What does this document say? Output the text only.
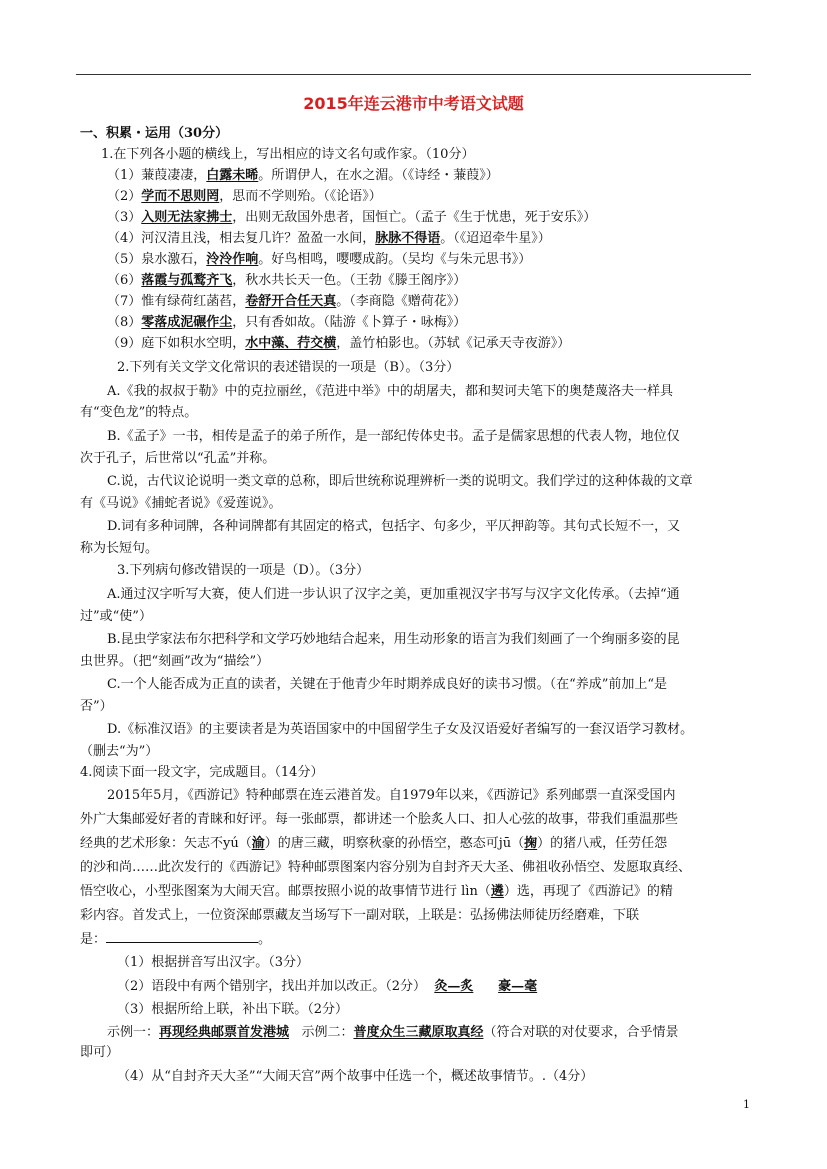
2015年连云港市中考语文试题
一、积累・运用（30分）
1.在下列各小题的横线上，写出相应的诗文名句或作家。（10分）
（1）蒹葭凄凄，白露未晞。所谓伊人，在水之湄。（《诗经・蒹葭》）
（2）学而不思则罔，思而不学则殆。（《论语》）
（3）入则无法家拂士，出则无敌国外患者，国恒亡。（孟子《生于忧患，死于安乐》）
（4）河汉清且浅，相去复几许？盈盈一水间，脉脉不得语。（《迢迢牵牛星》）
（5）泉水激石，泠泠作响。好鸟相鸣，嘤嘤成韵。（吴均《与朱元思书》）
（6）落霞与孤鹜齐飞，秋水共长天一色。（王勃《滕王阁序》）
（7）惟有绿荷红菡萏，卷舒开合任天真。（李商隐《赠荷花》）
（8）零落成泥碾作尘，只有香如故。（陆游《卜算子・咏梅》）
（9）庭下如积水空明，水中藻、荇交横，盖竹柏影也。（苏轼《记承天寺夜游》）
2.下列有关文学文化常识的表述错误的一项是（B）。（3分）
A.《我的叔叔于勒》中的克拉丽丝，《范进中举》中的胡屠夫，都和契诃夫笔下的奥楚蔑洛夫一样具
有“变色龙”的特点。
B.《孟子》一书，相传是孟子的弟子所作，是一部纪传体史书。孟子是儒家思想的代表人物，地位仅
次于孔子，后世常以“孔孟”并称。
C.说，古代议论说明一类文章的总称，即后世统称说理辨析一类的说明文。我们学过的这种体裁的文章
有《马说》《捕蛇者说》《爱莲说》。
D.词有多种词牌，各种词牌都有其固定的格式，包括字、句多少，平仄押韵等。其句式长短不一，又
称为长短句。
3.下列病句修改错误的一项是（D）。（3分）
A.通过汉字听写大赛，使人们进一步认识了汉字之美，更加重视汉字书写与汉字文化传承。（去掉“通
过”或“使”）
B.昆虫学家法布尔把科学和文学巧妙地结合起来，用生动形象的语言为我们刻画了一个绚丽多姿的昆
虫世界。（把“刻画”改为“描绘”）
C.一个人能否成为正直的读者，关键在于他青少年时期养成良好的读书习惯。（在“养成”前加上“是
否”）
D.《标准汉语》的主要读者是为英语国家中的中国留学生子女及汉语爱好者编写的一套汉语学习教材。
（删去“为”）
4.阅读下面一段文字，完成题目。（14分）
2015年5月，《西游记》特种邮票在连云港首发。自1979年以来，《西游记》系列邮票一直深受国内
外广大集邮爱好者的青睐和好评。每一张邮票，都讲述一个脍炙人口、扣人心弦的故事，带我们重温那些
经典的艺术形象：矢志不yú（渝）的唐三藏，明察秋豪的孙悟空，憨态可jū（掬）的猪八戒，任劳任怨
的沙和尚……此次发行的《西游记》特种邮票图案内容分别为自封齐天大圣、佛祖收孙悟空、发愿取真经、
悟空收心，小型张图案为大闹天宫。邮票按照小说的故事情节进行 lìn（遴）选，再现了《西游记》的精
彩内容。首发式上，一位资深邮票藏友当场写下一副对联，上联是：弘扬佛法师徒历经磨难，下联
是：	。
（1）根据拼音写出汉字。（3分）
（2）语段中有两个错别字，找出并加以改正。（2分） 灸—炙 豪—毫
（3）根据所给上联，补出下联。（2分）
示例一：再现经典邮票首发港城 示例二：普度众生三藏原取真经（符合对联的对仗要求，合乎情景
即可）
（4）从“自封齐天大圣”“大闹天宫”两个故事中任选一个，概述故事情节。.（4分）
1
